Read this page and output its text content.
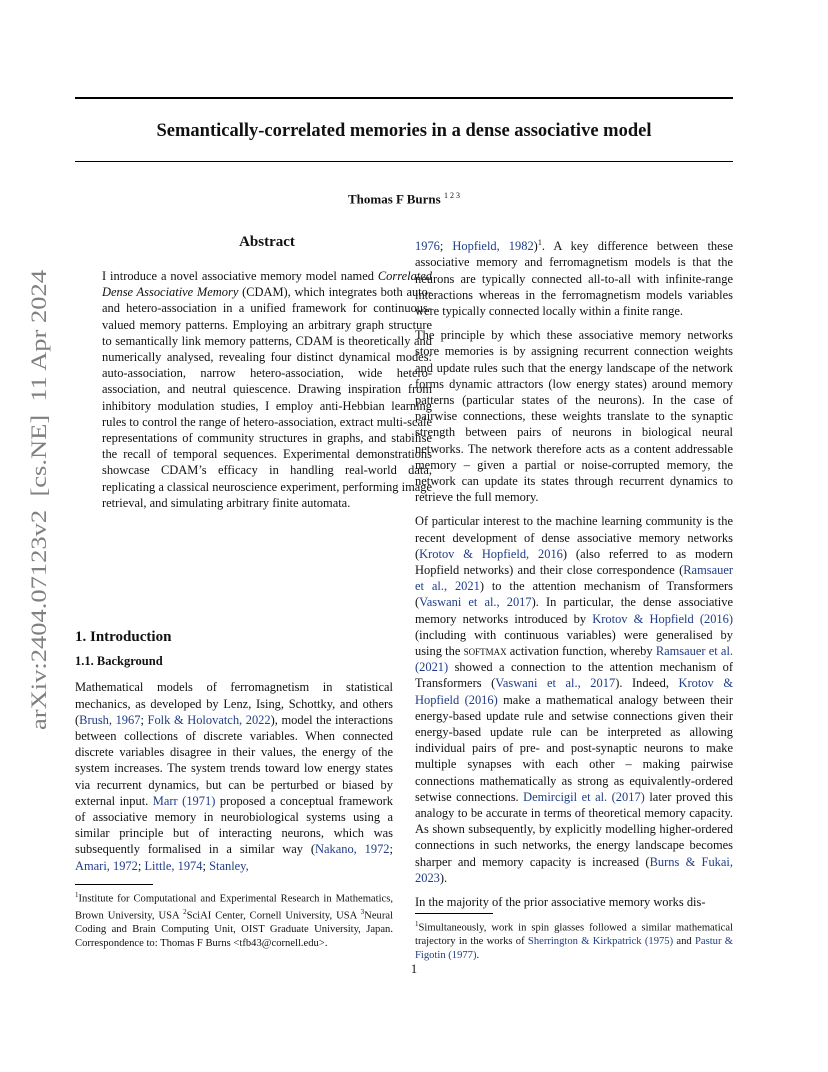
Semantically-correlated memories in a dense associative model
Thomas F Burns $^{1 2 3}$
arXiv:2404.07123v2  [cs.NE]  11 Apr 2024
Abstract

I introduce a novel associative memory model named Correlated Dense Associative Memory (CDAM), which integrates both auto- and hetero-association in a unified framework for continuous-valued memory patterns. Employing an arbitrary graph structure to semantically link memory patterns, CDAM is theoretically and numerically analysed, revealing four distinct dynamical modes: auto-association, narrow hetero-association, wide hetero-association, and neutral quiescence. Drawing inspiration from inhibitory modulation studies, I employ anti-Hebbian learning rules to control the range of hetero-association, extract multi-scale representations of community structures in graphs, and stabilise the recall of temporal sequences. Experimental demonstrations showcase CDAM’s efficacy in handling real-world data, replicating a classical neuroscience experiment, performing image retrieval, and simulating arbitrary finite automata.

1. Introduction
1.1. Background

Mathematical models of ferromagnetism in statistical mechanics, as developed by Lenz, Ising, Schottky, and others (Brush, 1967; Folk & Holovatch, 2022), model the interactions between collections of discrete variables. When connected discrete variables disagree in their values, the energy of the system increases. The system trends toward low energy states via recurrent dynamics, but can be perturbed or biased by external input. Marr (1971) proposed a conceptual framework of associative memory in neurobiological systems using a similar principle but of interacting neurons, which was subsequently formalised in a similar way (Nakano, 1972; Amari, 1972; Little, 1974; Stanley,

$^1$Institute for Computational and Experimental Research in Mathematics, Brown University, USA $^2$SciAI Center, Cornell University, USA $^3$Neural Coding and Brain Computing Unit, OIST Graduate University, Japan. Correspondence to: Thomas F Burns <tfb43@cornell.edu>.

1976; Hopfield, 1982)$^1$. A key difference between these associative memory and ferromagnetism models is that the neurons are typically connected all-to-all with infinite-range interactions whereas in the ferromagnetism models variables were typically connected locally within a finite range.

The principle by which these associative memory networks store memories is by assigning recurrent connection weights and update rules such that the energy landscape of the network forms dynamic attractors (low energy states) around memory patterns (particular states of the neurons). In the case of pairwise connections, these weights translate to the synaptic strength between pairs of neurons in biological neural networks. The network therefore acts as a content addressable memory – given a partial or noise-corrupted memory, the network can update its states through recurrent dynamics to retrieve the full memory.

Of particular interest to the machine learning community is the recent development of dense associative memory networks (Krotov & Hopfield, 2016) (also referred to as modern Hopfield networks) and their close correspondence (Ramsauer et al., 2021) to the attention mechanism of Transformers (Vaswani et al., 2017). In particular, the dense associative memory networks introduced by Krotov & Hopfield (2016) (including with continuous variables) were generalised by using the softmax activation function, whereby Ramsauer et al. (2021) showed a connection to the attention mechanism of Transformers (Vaswani et al., 2017). Indeed, Krotov & Hopfield (2016) make a mathematical analogy between their energy-based update rule and setwise connections given their energy-based update rule can be interpreted as allowing individual pairs of pre- and post-synaptic neurons to make multiple synapses with each other – making pairwise connections mathematically as strong as equivalently-ordered setwise connections. Demircigil et al. (2017) later proved this analogy to be accurate in terms of theoretical memory capacity. As shown subsequently, by explicitly modelling higher-ordered connections in such networks, the energy landscape becomes sharper and memory capacity is increased (Burns & Fukai, 2023).

In the majority of the prior associative memory works dis-

$^1$Simultaneously, work in spin glasses followed a similar mathematical trajectory in the works of Sherrington & Kirkpatrick (1975) and Pastur & Figotin (1977).
1
